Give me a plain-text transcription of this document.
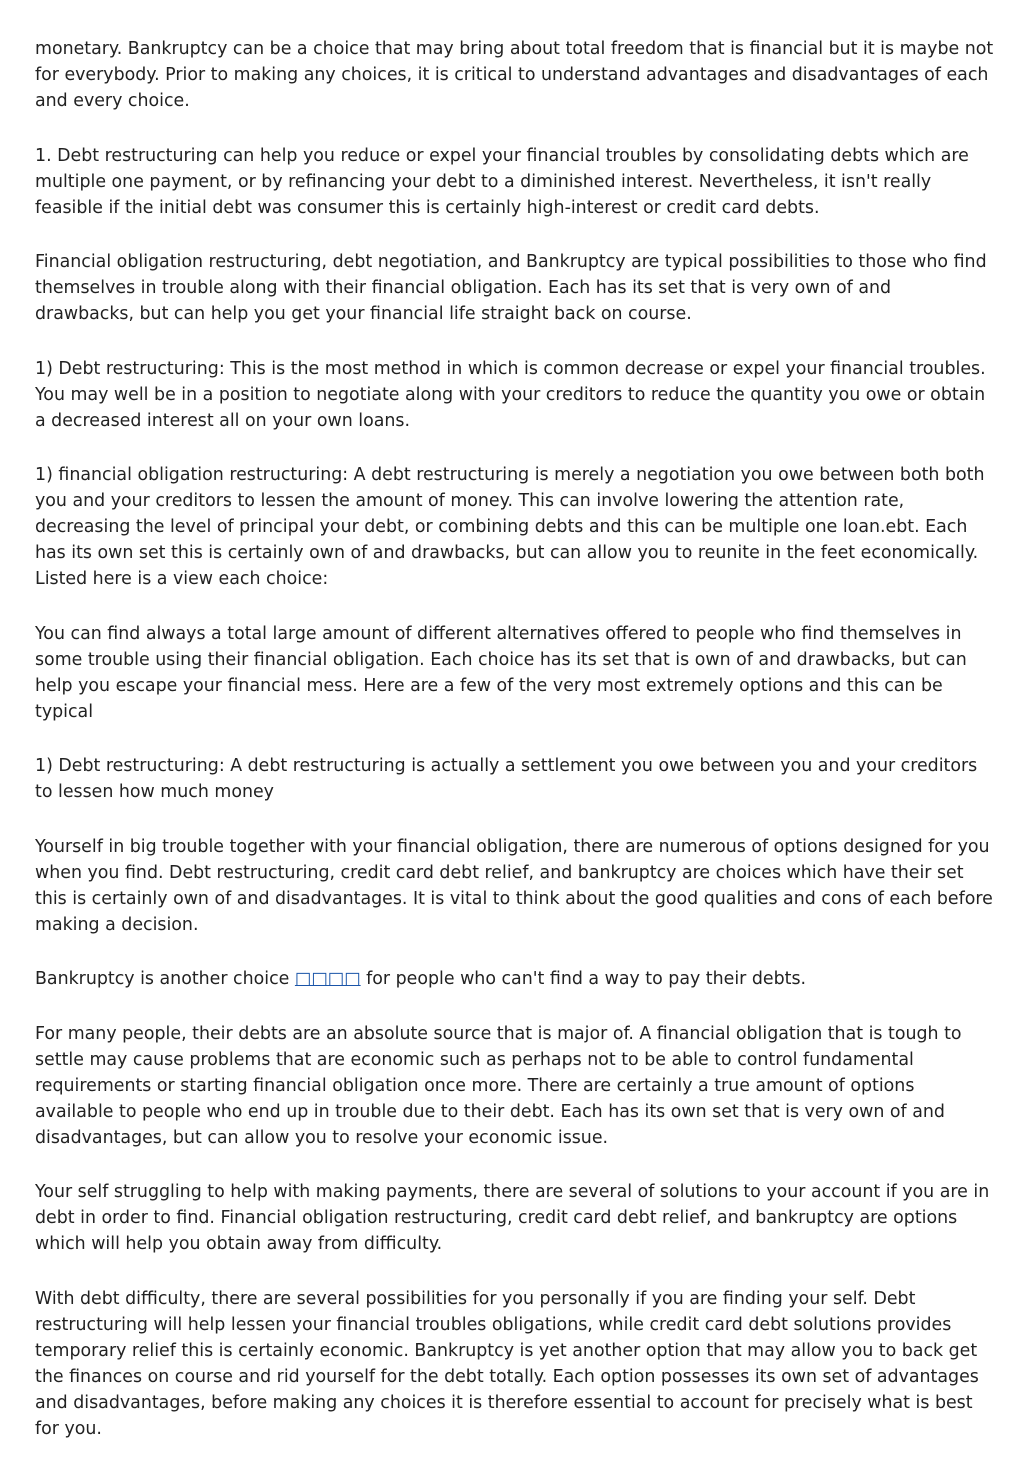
monetary. Bankruptcy can be a choice that may bring about total freedom that is financial but it is maybe not for everybody. Prior to making any choices, it is critical to understand advantages and disadvantages of each and every choice.

1. Debt restructuring can help you reduce or expel your financial troubles by consolidating debts which are multiple one payment, or by refinancing your debt to a diminished interest. Nevertheless, it isn't really feasible if the initial debt was consumer this is certainly high-interest or credit card debts.

Financial obligation restructuring, debt negotiation, and Bankruptcy are typical possibilities to those who find themselves in trouble along with their financial obligation. Each has its set that is very own of and drawbacks, but can help you get your financial life straight back on course.

1) Debt restructuring: This is the most method in which is common decrease or expel your financial troubles. You may well be in a position to negotiate along with your creditors to reduce the quantity you owe or obtain a decreased interest all on your own loans.

1) financial obligation restructuring: A debt restructuring is merely a negotiation you owe between both both you and your creditors to lessen the amount of money. This can involve lowering the attention rate, decreasing the level of principal your debt, or combining debts and this can be multiple one loan.ebt. Each has its own set this is certainly own of and drawbacks, but can allow you to reunite in the feet economically. Listed here is a view each choice:

You can find always a total large amount of different alternatives offered to people who find themselves in some trouble using their financial obligation. Each choice has its set that is own of and drawbacks, but can help you escape your financial mess. Here are a few of the very most extremely options and this can be typical

1) Debt restructuring: A debt restructuring is actually a settlement you owe between you and your creditors to lessen how much money

Yourself in big trouble together with your financial obligation, there are numerous of options designed for you when you find. Debt restructuring, credit card debt relief, and bankruptcy are choices which have their set this is certainly own of and disadvantages. It is vital to think about the good qualities and cons of each before making a decision.

Bankruptcy is another choice □□□□ for people who can't find a way to pay their debts.

For many people, their debts are an absolute source that is major of. A financial obligation that is tough to settle may cause problems that are economic such as perhaps not to be able to control fundamental requirements or starting financial obligation once more. There are certainly a true amount of options available to people who end up in trouble due to their debt. Each has its own set that is very own of and disadvantages, but can allow you to resolve your economic issue.

Your self struggling to help with making payments, there are several of solutions to your account if you are in debt in order to find. Financial obligation restructuring, credit card debt relief, and bankruptcy are options which will help you obtain away from difficulty.

With debt difficulty, there are several possibilities for you personally if you are finding your self. Debt restructuring will help lessen your financial troubles obligations, while credit card debt solutions provides temporary relief this is certainly economic. Bankruptcy is yet another option that may allow you to back get the finances on course and rid yourself for the debt totally. Each option possesses its own set of advantages and disadvantages, before making any choices it is therefore essential to account for precisely what is best for you.
